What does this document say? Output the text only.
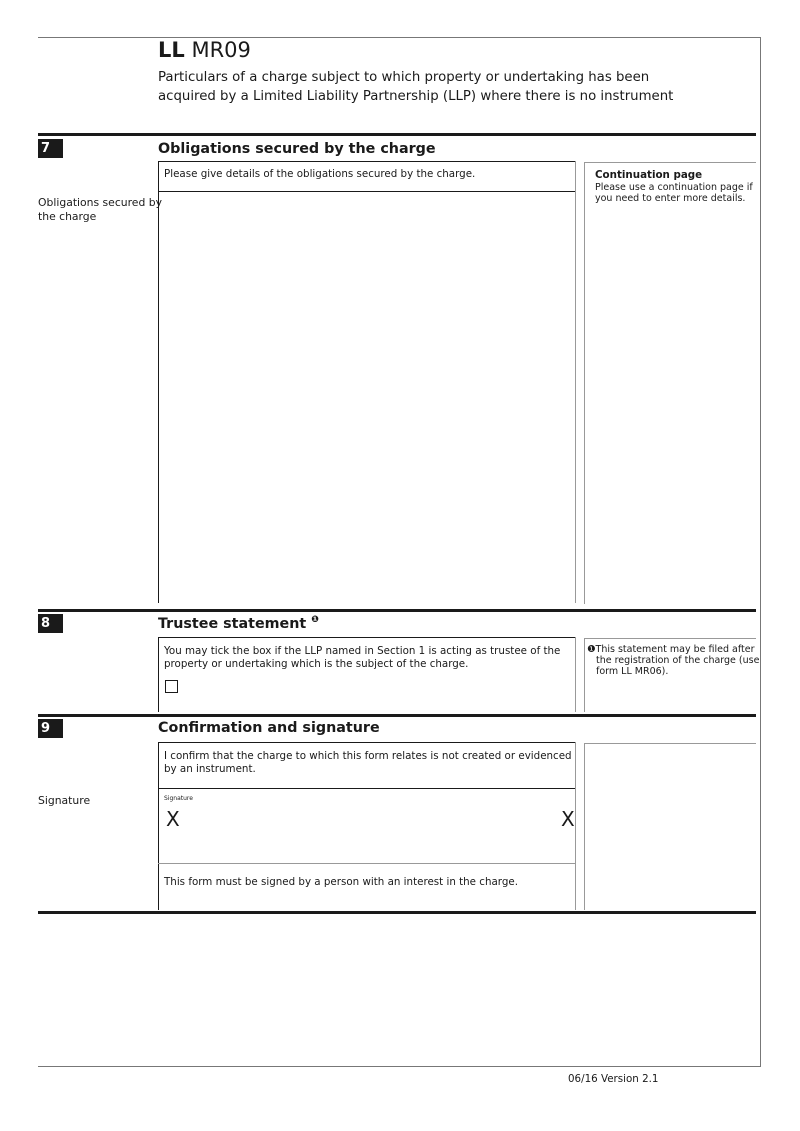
LL MR09
Particulars of a charge subject to which property or undertaking has been
acquired by a Limited Liability Partnership (LLP) where there is no instrument
7	Obligations secured by the charge
Please give details of the obligations secured by the charge.
Obligations secured by
the charge
Continuation page
Please use a continuation page if
you need to enter more details.
8	Trustee statement $^❶$
You may tick the box if the LLP named in Section 1 is acting as trustee of the
property or undertaking which is the subject of the charge.
❶This statement may be filed after
the registration of the charge (use
form LL MR06).
9	Confirmation and signature
I confirm that the charge to which this form relates is not created or evidenced
by an instrument.
Signature	Signature
X	X
This form must be signed by a person with an interest in the charge.
06/16 Version 2.1
